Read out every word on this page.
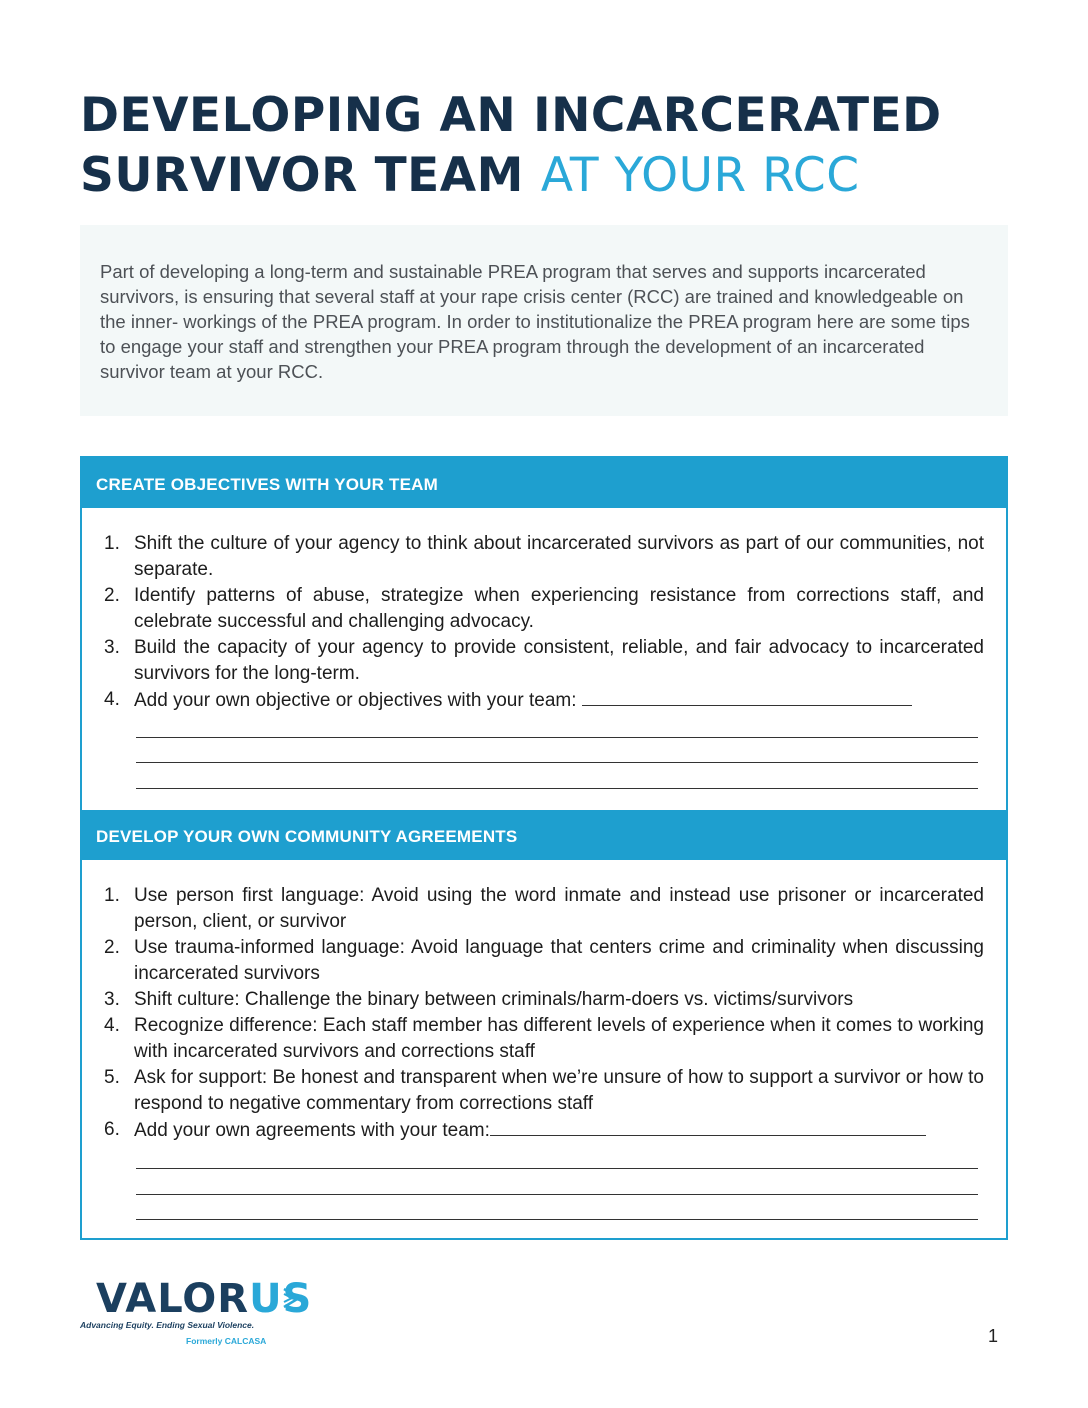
DEVELOPING AN INCARCERATED
SURVIVOR TEAM AT YOUR RCC

Part of developing a long-term and sustainable PREA program that serves and supports incarcerated survivors, is ensuring that several staff at your rape crisis center (RCC) are trained and knowledgeable on the inner- workings of the PREA program. In order to institutionalize the PREA program here are some tips to engage your staff and strengthen your PREA program through the development of an incarcerated survivor team at your RCC.

CREATE OBJECTIVES WITH YOUR TEAM
1. Shift the culture of your agency to think about incarcerated survivors as part of our communities, not separate.
2. Identify patterns of abuse, strategize when experiencing resistance from corrections staff, and celebrate successful and challenging advocacy.
3. Build the capacity of your agency to provide consistent, reliable, and fair advocacy to incarcerated survivors for the long-term.
4. Add your own objective or objectives with your team:
DEVELOP YOUR OWN COMMUNITY AGREEMENTS
1. Use person first language: Avoid using the word inmate and instead use prisoner or incarcerated person, client, or survivor
2. Use trauma-informed language: Avoid language that centers crime and criminality when discussing incarcerated survivors
3. Shift culture: Challenge the binary between criminals/harm-doers vs. victims/survivors
4. Recognize difference: Each staff member has different levels of experience when it comes to working with incarcerated survivors and corrections staff
5. Ask for support: Be honest and transparent when we’re unsure of how to support a survivor or how to respond to negative commentary from corrections staff
6. Add your own agreements with your team:
VALORUS
Advancing Equity. Ending Sexual Violence.
Formerly CALCASA	1
